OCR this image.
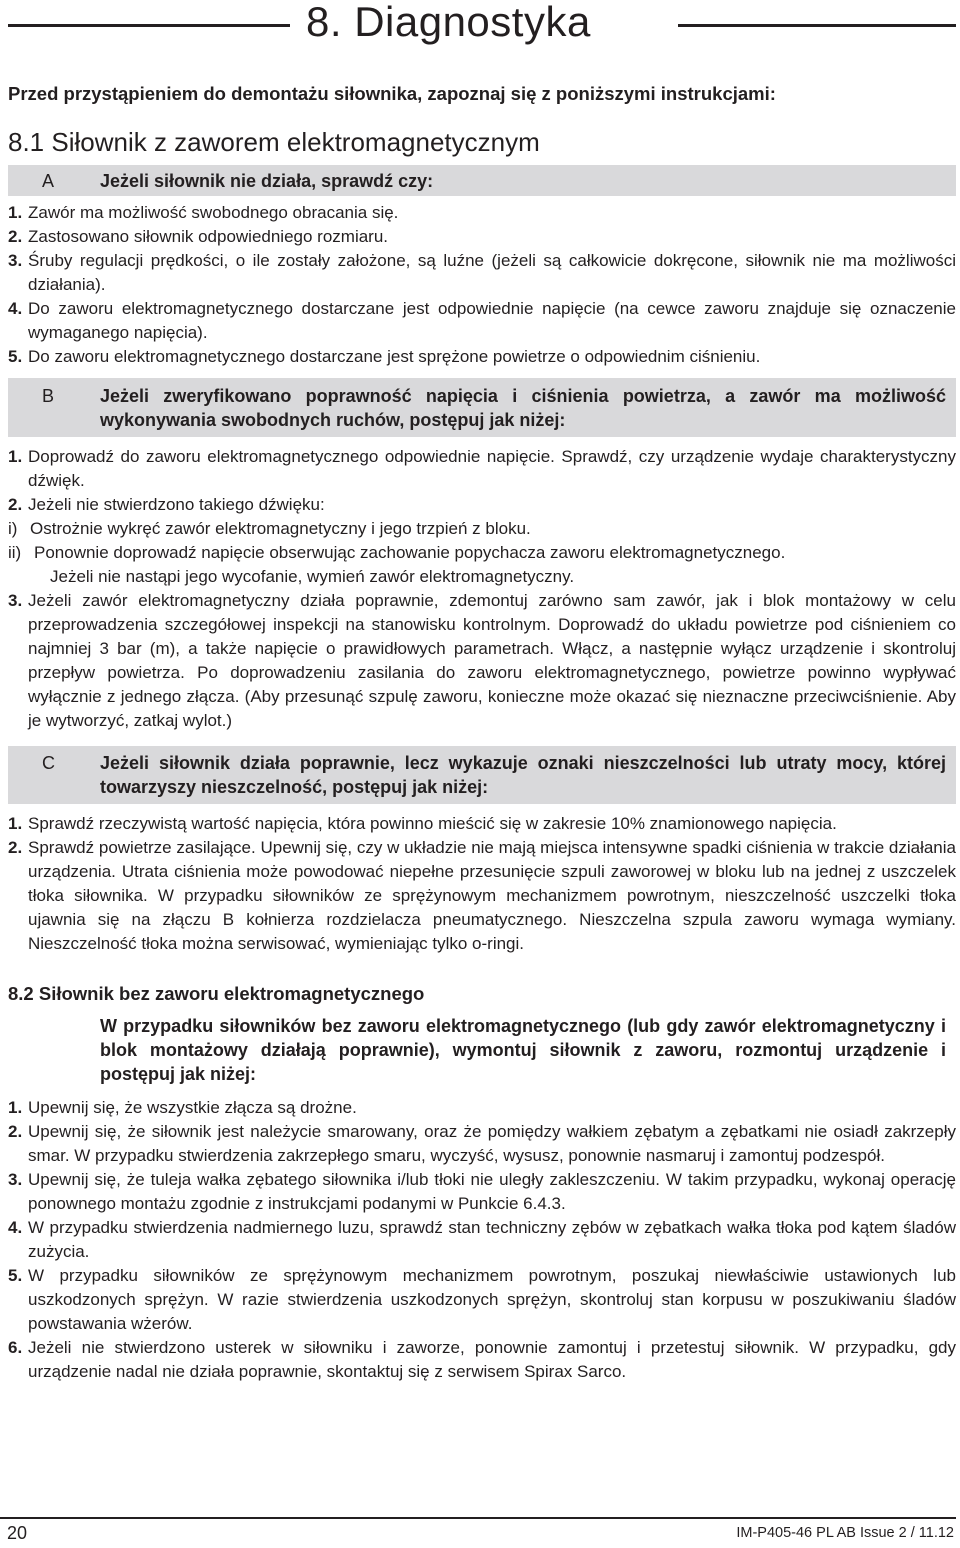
8. Diagnostyka

Przed przystąpieniem do demontażu siłownika, zapoznaj się z poniższymi instrukcjami:

8.1 Siłownik z zaworem elektromagnetycznym

A	Jeżeli siłownik nie działa, sprawdź czy:
1. Zawór ma możliwość swobodnego obracania się.
2. Zastosowano siłownik odpowiedniego rozmiaru.
3. Śruby regulacji prędkości, o ile zostały założone, są luźne (jeżeli są całkowicie dokręcone, siłownik nie ma możliwości działania).
4. Do zaworu elektromagnetycznego dostarczane jest odpowiednie napięcie (na cewce zaworu znajduje się oznaczenie wymaganego napięcia).
5. Do zaworu elektromagnetycznego dostarczane jest sprężone powietrze o odpowiednim ciśnieniu.
B	Jeżeli zweryfikowano poprawność napięcia i ciśnienia powietrza, a zawór ma możliwość wykonywania swobodnych ruchów, postępuj jak niżej:
1. Doprowadź do zaworu elektromagnetycznego odpowiednie napięcie. Sprawdź, czy urządzenie wydaje charakterystyczny dźwięk.
2. Jeżeli nie stwierdzono takiego dźwięku:
i) Ostrożnie wykręć zawór elektromagnetyczny i jego trzpień z bloku.
ii) Ponownie doprowadź napięcie obserwując zachowanie popychacza zaworu elektromagnetycznego.
Jeżeli nie nastąpi jego wycofanie, wymień zawór elektromagnetyczny.
3. Jeżeli zawór elektromagnetyczny działa poprawnie, zdemontuj zarówno sam zawór, jak i blok montażowy w celu przeprowadzenia szczegółowej inspekcji na stanowisku kontrolnym. Doprowadź do układu powietrze pod ciśnieniem co najmniej 3 bar (m), a także napięcie o prawidłowych parametrach. Włącz, a następnie wyłącz urządzenie i skontroluj przepływ powietrza. Po doprowadzeniu zasilania do zaworu elektromagnetycznego, powietrze powinno wypływać wyłącznie z jednego złącza. (Aby przesunąć szpulę zaworu, konieczne może okazać się nieznaczne przeciwciśnienie. Aby je wytworzyć, zatkaj wylot.)
C	Jeżeli siłownik działa poprawnie, lecz wykazuje oznaki nieszczelności lub utraty mocy, której towarzyszy nieszczelność, postępuj jak niżej:
1. Sprawdź rzeczywistą wartość napięcia, która powinno mieścić się w zakresie 10% znamionowego napięcia.
2. Sprawdź powietrze zasilające. Upewnij się, czy w układzie nie mają miejsca intensywne spadki ciśnienia w trakcie działania urządzenia. Utrata ciśnienia może powodować niepełne przesunięcie szpuli zaworowej w bloku lub na jednej z uszczelek tłoka siłownika. W przypadku siłowników ze sprężynowym mechanizmem powrotnym, nieszczelność uszczelki tłoka ujawnia się na złączu B kołnierza rozdzielacza pneumatycznego. Nieszczelna szpula zaworu wymaga wymiany. Nieszczelność tłoka można serwisować, wymieniając tylko o-ringi.

8.2 Siłownik bez zaworu elektromagnetycznego

W przypadku siłowników bez zaworu elektromagnetycznego (lub gdy zawór elektromagnetyczny i blok montażowy działają poprawnie), wymontuj siłownik z zaworu, rozmontuj urządzenie i postępuj jak niżej:
1. Upewnij się, że wszystkie złącza są drożne.
2. Upewnij się, że siłownik jest należycie smarowany, oraz że pomiędzy wałkiem zębatym a zębatkami nie osiadł zakrzepły smar. W przypadku stwierdzenia zakrzepłego smaru, wyczyść, wysusz, ponownie nasmaruj i zamontuj podzespół.
3. Upewnij się, że tuleja wałka zębatego siłownika i/lub tłoki nie uległy zakleszczeniu. W takim przypadku, wykonaj operację ponownego montażu zgodnie z instrukcjami podanymi w Punkcie 6.4.3.
4. W przypadku stwierdzenia nadmiernego luzu, sprawdź stan techniczny zębów w zębatkach wałka tłoka pod kątem śladów zużycia.
5. W przypadku siłowników ze sprężynowym mechanizmem powrotnym, poszukaj niewłaściwie ustawionych lub uszkodzonych sprężyn. W razie stwierdzenia uszkodzonych sprężyn, skontroluj stan korpusu w poszukiwaniu śladów powstawania wżerów.
6. Jeżeli nie stwierdzono usterek w siłowniku i zaworze, ponownie zamontuj i przetestuj siłownik. W przypadku, gdy urządzenie nadal nie działa poprawnie, skontaktuj się z serwisem Spirax Sarco.
20	IM-P405-46 PL AB Issue 2 / 11.12
